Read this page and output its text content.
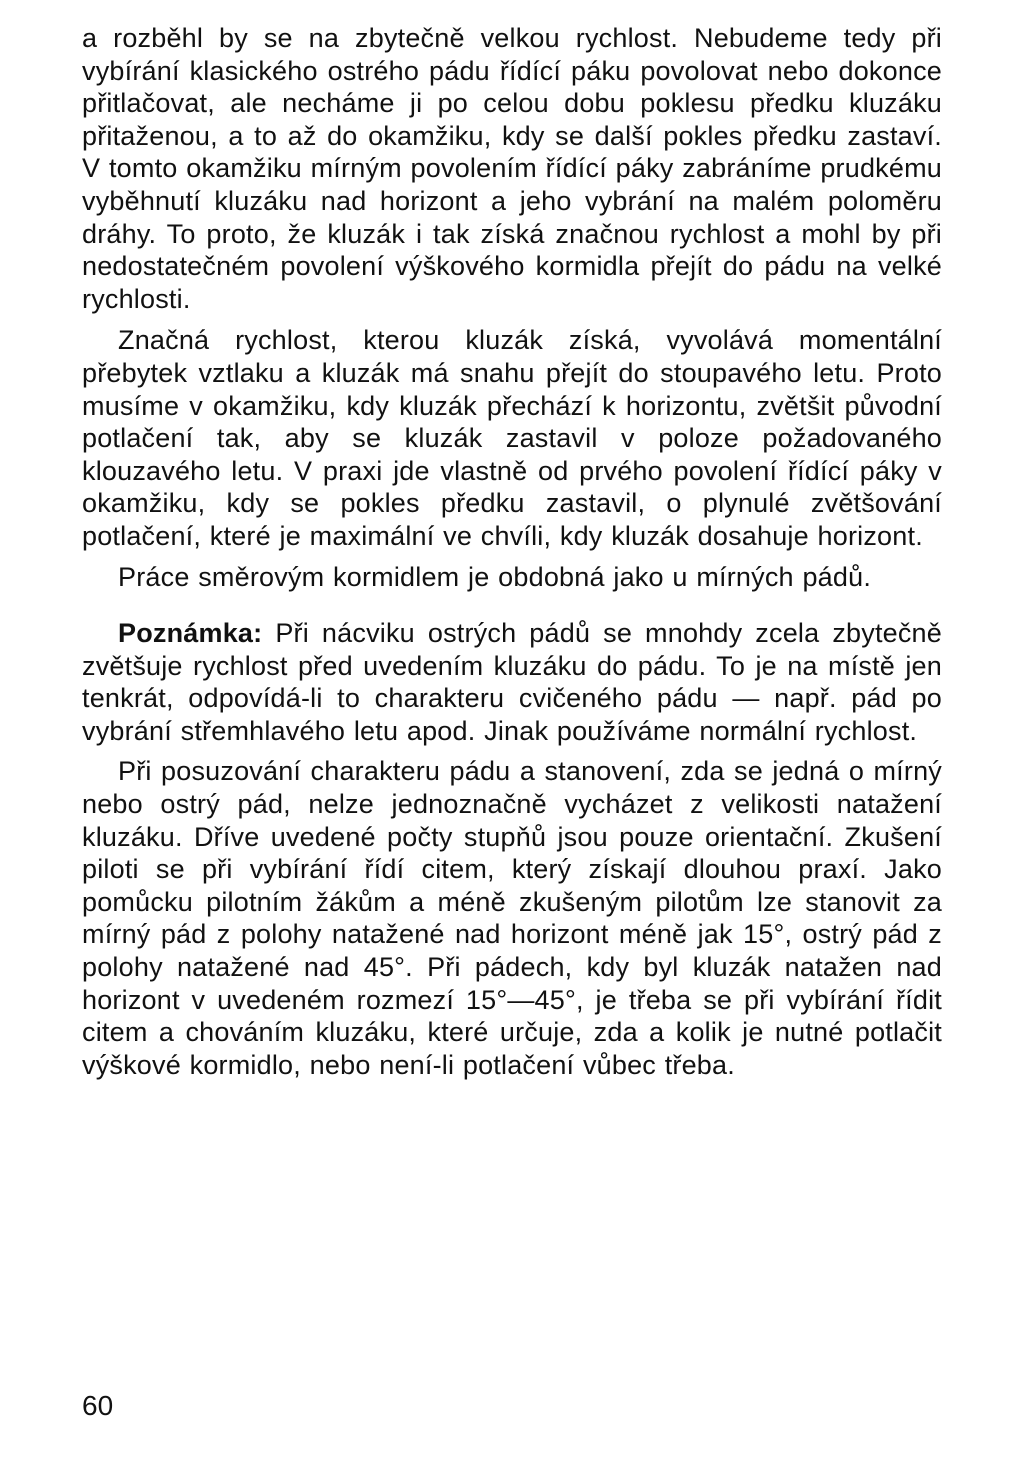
a rozběhl by se na zbytečně velkou rychlost. Nebudeme tedy při vybírání klasického ostrého pádu řídící páku povolovat nebo dokonce přitlačovat, ale necháme ji po celou dobu poklesu předku kluzáku přitaženou, a to až do okamžiku, kdy se další pokles předku zastaví. V tomto okamžiku mírným povolením řídící páky zabráníme prudkému vyběhnutí kluzáku nad horizont a jeho vybrání na malém poloměru dráhy. To proto, že kluzák i tak získá značnou rychlost a mohl by při nedostatečném povolení výškového kormidla přejít do pádu na velké rychlosti.

Značná rychlost, kterou kluzák získá, vyvolává momentální přebytek vztlaku a kluzák má snahu přejít do stoupavého letu. Proto musíme v okamžiku, kdy kluzák přechází k horizontu, zvětšit původní potlačení tak, aby se kluzák zastavil v poloze požadovaného klouzavého letu. V praxi jde vlastně od prvého povolení řídící páky v okamžiku, kdy se pokles předku zastavil, o plynulé zvětšování potlačení, které je maximální ve chvíli, kdy kluzák dosahuje horizont.

Práce směrovým kormidlem je obdobná jako u mírných pádů.

Poznámka: Při nácviku ostrých pádů se mnohdy zcela zbytečně zvětšuje rychlost před uvedením kluzáku do pádu. To je na místě jen tenkrát, odpovídá-li to charakteru cvičeného pádu — např. pád po vybrání střemhlavého letu apod. Jinak používáme normální rychlost.

Při posuzování charakteru pádu a stanovení, zda se jedná o mírný nebo ostrý pád, nelze jednoznačně vycházet z velikosti natažení kluzáku. Dříve uvedené počty stupňů jsou pouze orientační. Zkušení piloti se při vybírání řídí citem, který získají dlouhou praxí. Jako pomůcku pilotním žákům a méně zkušeným pilotům lze stanovit za mírný pád z polohy natažené nad horizont méně jak 15°, ostrý pád z polohy natažené nad 45°. Při pádech, kdy byl kluzák natažen nad horizont v uvedeném rozmezí 15°—45°, je třeba se při vybírání řídit citem a chováním kluzáku, které určuje, zda a kolik je nutné potlačit výškové kormidlo, nebo není-li potlačení vůbec třeba.

60
